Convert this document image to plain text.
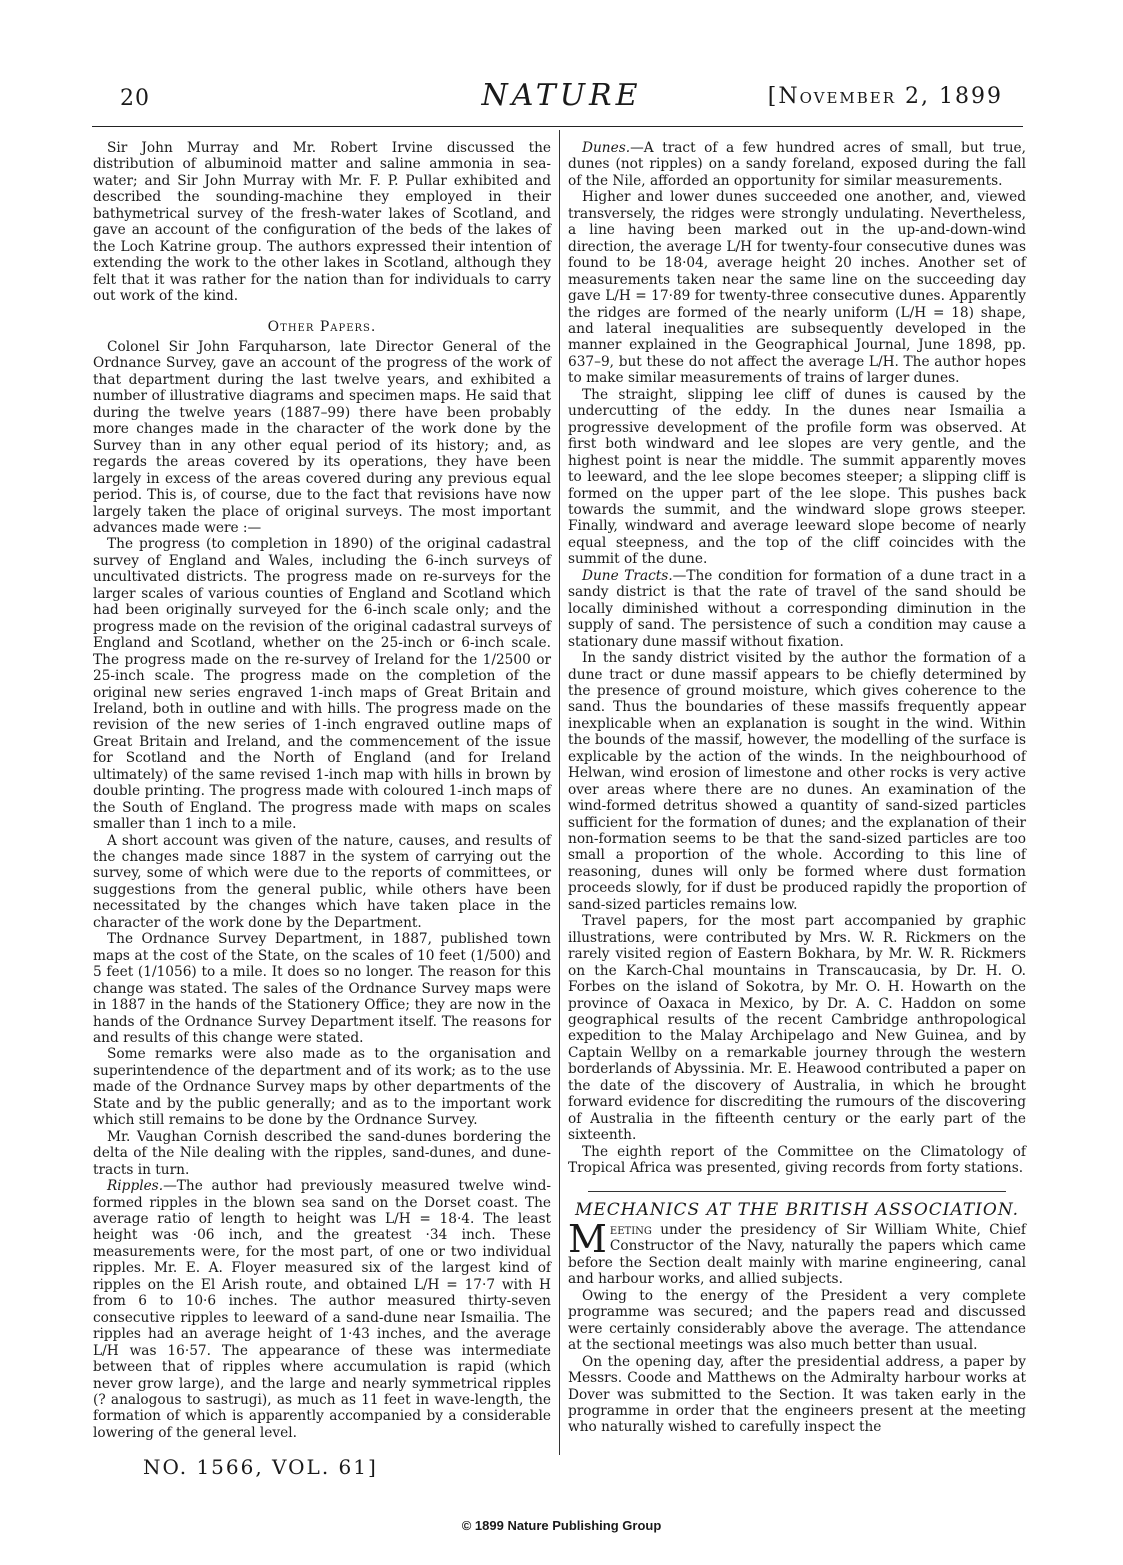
20	NATURE	[November 2, 1899

Sir John Murray and Mr. Robert Irvine discussed the distribution of albuminoid matter and saline ammonia in sea-water; and Sir John Murray with Mr. F. P. Pullar exhibited and described the sounding-machine they employed in their bathymetrical survey of the fresh-water lakes of Scotland, and gave an account of the configuration of the beds of the lakes of the Loch Katrine group. The authors expressed their intention of extending the work to the other lakes in Scotland, although they felt that it was rather for the nation than for individuals to carry out work of the kind.

Other Papers.

Colonel Sir John Farquharson, late Director General of the Ordnance Survey, gave an account of the progress of the work of that department during the last twelve years, and exhibited a number of illustrative diagrams and specimen maps. He said that during the twelve years (1887–99) there have been probably more changes made in the character of the work done by the Survey than in any other equal period of its history; and, as regards the areas covered by its operations, they have been largely in excess of the areas covered during any previous equal period. This is, of course, due to the fact that revisions have now largely taken the place of original surveys. The most important advances made were :—

The progress (to completion in 1890) of the original cadastral survey of England and Wales, including the 6-inch surveys of uncultivated districts. The progress made on re-surveys for the larger scales of various counties of England and Scotland which had been originally surveyed for the 6-inch scale only; and the progress made on the revision of the original cadastral surveys of England and Scotland, whether on the 25-inch or 6-inch scale. The progress made on the re-survey of Ireland for the 1/2500 or 25-inch scale. The progress made on the completion of the original new series engraved 1-inch maps of Great Britain and Ireland, both in outline and with hills. The progress made on the revision of the new series of 1-inch engraved outline maps of Great Britain and Ireland, and the commencement of the issue for Scotland and the North of England (and for Ireland ultimately) of the same revised 1-inch map with hills in brown by double printing. The progress made with coloured 1-inch maps of the South of England. The progress made with maps on scales smaller than 1 inch to a mile.

A short account was given of the nature, causes, and results of the changes made since 1887 in the system of carrying out the survey, some of which were due to the reports of committees, or suggestions from the general public, while others have been necessitated by the changes which have taken place in the character of the work done by the Department.

The Ordnance Survey Department, in 1887, published town maps at the cost of the State, on the scales of 10 feet (1/500) and 5 feet (1/1056) to a mile. It does so no longer. The reason for this change was stated. The sales of the Ordnance Survey maps were in 1887 in the hands of the Stationery Office; they are now in the hands of the Ordnance Survey Department itself. The reasons for and results of this change were stated.

Some remarks were also made as to the organisation and superintendence of the department and of its work; as to the use made of the Ordnance Survey maps by other departments of the State and by the public generally; and as to the important work which still remains to be done by the Ordnance Survey.

Mr. Vaughan Cornish described the sand-dunes bordering the delta of the Nile dealing with the ripples, sand-dunes, and dune-tracts in turn.

Ripples.—The author had previously measured twelve wind-formed ripples in the blown sea sand on the Dorset coast. The average ratio of length to height was L/H = 18·4. The least height was ·06 inch, and the greatest ·34 inch. These measurements were, for the most part, of one or two individual ripples. Mr. E. A. Floyer measured six of the largest kind of ripples on the El Arish route, and obtained L/H = 17·7 with H from 6 to 10·6 inches. The author measured thirty-seven consecutive ripples to leeward of a sand-dune near Ismailia. The ripples had an average height of 1·43 inches, and the average L/H was 16·57. The appearance of these was intermediate between that of ripples where accumulation is rapid (which never grow large), and the large and nearly symmetrical ripples (? analogous to sastrugi), as much as 11 feet in wave-length, the formation of which is apparently accompanied by a considerable lowering of the general level.

Dunes.—A tract of a few hundred acres of small, but true, dunes (not ripples) on a sandy foreland, exposed during the fall of the Nile, afforded an opportunity for similar measurements.

Higher and lower dunes succeeded one another, and, viewed transversely, the ridges were strongly undulating. Nevertheless, a line having been marked out in the up-and-down-wind direction, the average L/H for twenty-four consecutive dunes was found to be 18·04, average height 20 inches. Another set of measurements taken near the same line on the succeeding day gave L/H = 17·89 for twenty-three consecutive dunes. Apparently the ridges are formed of the nearly uniform (L/H = 18) shape, and lateral inequalities are subsequently developed in the manner explained in the Geographical Journal, June 1898, pp. 637–9, but these do not affect the average L/H. The author hopes to make similar measurements of trains of larger dunes.

The straight, slipping lee cliff of dunes is caused by the undercutting of the eddy. In the dunes near Ismailia a progressive development of the profile form was observed. At first both windward and lee slopes are very gentle, and the highest point is near the middle. The summit apparently moves to leeward, and the lee slope becomes steeper; a slipping cliff is formed on the upper part of the lee slope. This pushes back towards the summit, and the windward slope grows steeper. Finally, windward and average leeward slope become of nearly equal steepness, and the top of the cliff coincides with the summit of the dune.

Dune Tracts.—The condition for formation of a dune tract in a sandy district is that the rate of travel of the sand should be locally diminished without a corresponding diminution in the supply of sand. The persistence of such a condition may cause a stationary dune massif without fixation.

In the sandy district visited by the author the formation of a dune tract or dune massif appears to be chiefly determined by the presence of ground moisture, which gives coherence to the sand. Thus the boundaries of these massifs frequently appear inexplicable when an explanation is sought in the wind. Within the bounds of the massif, however, the modelling of the surface is explicable by the action of the winds. In the neighbourhood of Helwan, wind erosion of limestone and other rocks is very active over areas where there are no dunes. An examination of the wind-formed detritus showed a quantity of sand-sized particles sufficient for the formation of dunes; and the explanation of their non-formation seems to be that the sand-sized particles are too small a proportion of the whole. According to this line of reasoning, dunes will only be formed where dust formation proceeds slowly, for if dust be produced rapidly the proportion of sand-sized particles remains low.

Travel papers, for the most part accompanied by graphic illustrations, were contributed by Mrs. W. R. Rickmers on the rarely visited region of Eastern Bokhara, by Mr. W. R. Rickmers on the Karch-Chal mountains in Transcaucasia, by Dr. H. O. Forbes on the island of Sokotra, by Mr. O. H. Howarth on the province of Oaxaca in Mexico, by Dr. A. C. Haddon on some geographical results of the recent Cambridge anthropological expedition to the Malay Archipelago and New Guinea, and by Captain Wellby on a remarkable journey through the western borderlands of Abyssinia. Mr. E. Heawood contributed a paper on the date of the discovery of Australia, in which he brought forward evidence for discrediting the rumours of the discovering of Australia in the fifteenth century or the early part of the sixteenth.

The eighth report of the Committee on the Climatology of Tropical Africa was presented, giving records from forty stations.

MECHANICS AT THE BRITISH ASSOCIATION.

Meeting under the presidency of Sir William White, Chief Constructor of the Navy, naturally the papers which came before the Section dealt mainly with marine engineering, canal and harbour works, and allied subjects.

Owing to the energy of the President a very complete programme was secured; and the papers read and discussed were certainly considerably above the average. The attendance at the sectional meetings was also much better than usual.

On the opening day, after the presidential address, a paper by Messrs. Coode and Matthews on the Admiralty harbour works at Dover was submitted to the Section. It was taken early in the programme in order that the engineers present at the meeting who naturally wished to carefully inspect the

NO. 1566, VOL. 61]
© 1899 Nature Publishing Group
